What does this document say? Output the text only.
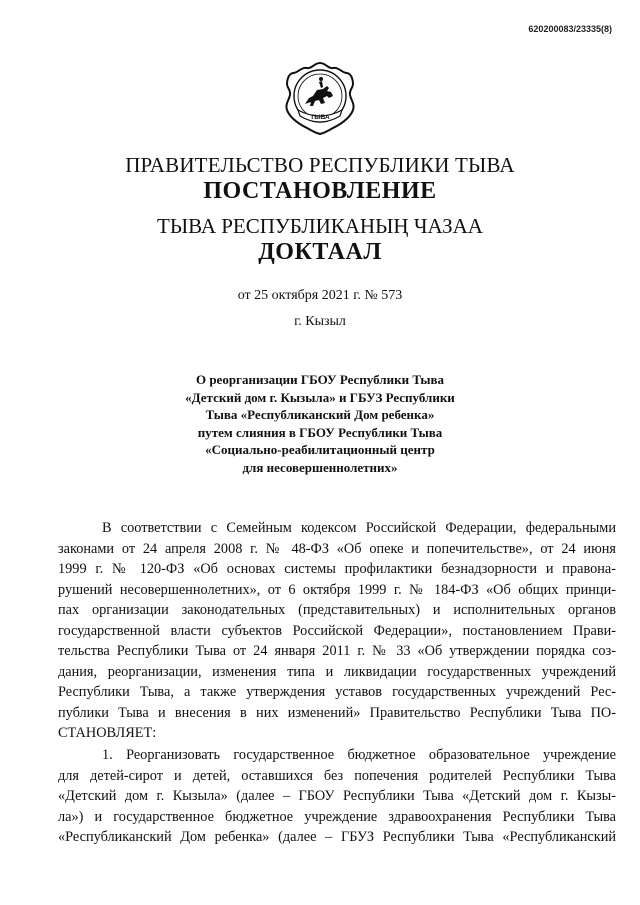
620200083/23335(8)
ТЫВА
ПРАВИТЕЛЬСТВО РЕСПУБЛИКИ ТЫВА
ПОСТАНОВЛЕНИЕ
ТЫВА РЕСПУБЛИКАНЫҢ ЧАЗАА
ДОКТААЛ
от 25 октября 2021 г. № 573
г. Кызыл
О реорганизации ГБОУ Республики Тыва
«Детский дом г. Кызыла» и ГБУЗ Республики
Тыва «Республиканский Дом ребенка»
путем слияния в ГБОУ Республики Тыва
«Социально-реабилитационный центр
для несовершеннолетних»
В соответствии с Семейным кодексом Российской Федерации, федеральными
законами от 24 апреля 2008 г. № 48-ФЗ «Об опеке и попечительстве», от 24 июня
1999 г. № 120-ФЗ «Об основах системы профилактики безнадзорности и правона-
рушений несовершеннолетних», от 6 октября 1999 г. № 184-ФЗ «Об общих принци-
пах организации законодательных (представительных) и исполнительных органов
государственной власти субъектов Российской Федерации», постановлением Прави-
тельства Республики Тыва от 24 января 2011 г. № 33 «Об утверждении порядка соз-
дания, реорганизации, изменения типа и ликвидации государственных учреждений
Республики Тыва, а также утверждения уставов государственных учреждений Рес-
публики Тыва и внесения в них изменений» Правительство Республики Тыва ПО-
СТАНОВЛЯЕТ:
1. Реорганизовать государственное бюджетное образовательное учреждение
для детей-сирот и детей, оставшихся без попечения родителей Республики Тыва
«Детский дом г. Кызыла» (далее – ГБОУ Республики Тыва «Детский дом г. Кызы-
ла») и государственное бюджетное учреждение здравоохранения Республики Тыва
«Республиканский Дом ребенка» (далее – ГБУЗ Республики Тыва «Республиканский
